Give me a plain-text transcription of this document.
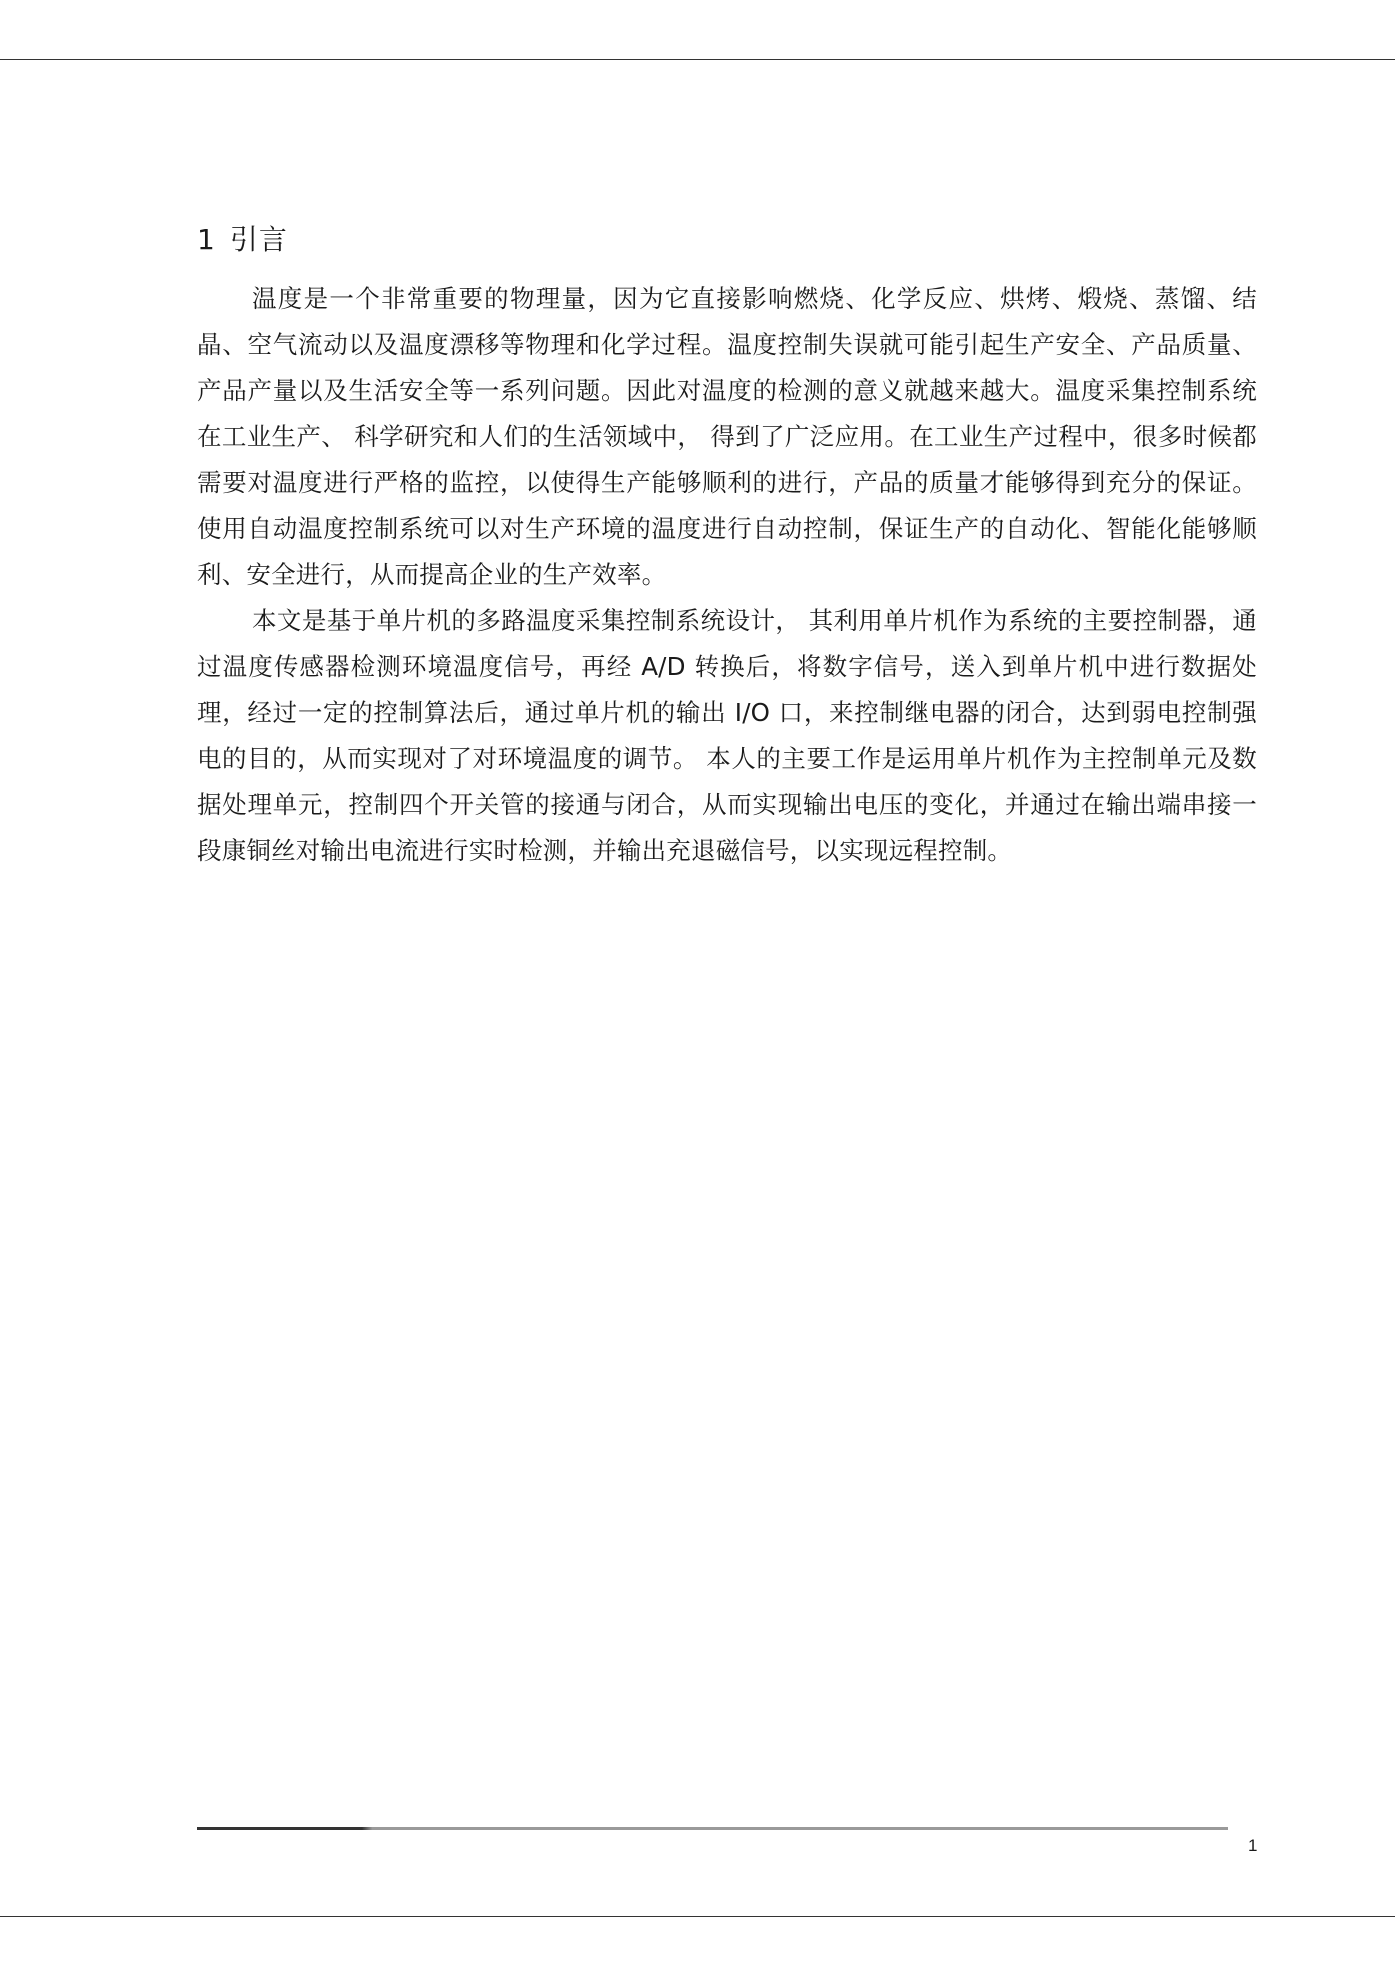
1 引言

温度是一个非常重要的物理量，因为它直接影响燃烧、化学反应、烘烤、煅烧、蒸馏、结晶、空气流动以及温度漂移等物理和化学过程。温度控制失误就可能引起生产安全、产品质量、产品产量以及生活安全等一系列问题。因此对温度的检测的意义就越来越大。温度采集控制系统在工业生产、 科学研究和人们的生活领域中， 得到了广泛应用。在工业生产过程中，很多时候都需要对温度进行严格的监控，以使得生产能够顺利的进行，产品的质量才能够得到充分的保证。使用自动温度控制系统可以对生产环境的温度进行自动控制，保证生产的自动化、智能化能够顺利、安全进行，从而提高企业的生产效率。

本文是基于单片机的多路温度采集控制系统设计， 其利用单片机作为系统的主要控制器，通过温度传感器检测环境温度信号，再经 A/D 转换后，将数字信号，送入到单片机中进行数据处理，经过一定的控制算法后，通过单片机的输出 I/O 口，来控制继电器的闭合，达到弱电控制强电的目的，从而实现对了对环境温度的调节。 本人的主要工作是运用单片机作为主控制单元及数据处理单元，控制四个开关管的接通与闭合，从而实现输出电压的变化，并通过在输出端串接一段康铜丝对输出电流进行实时检测，并输出充退磁信号，以实现远程控制。

1
